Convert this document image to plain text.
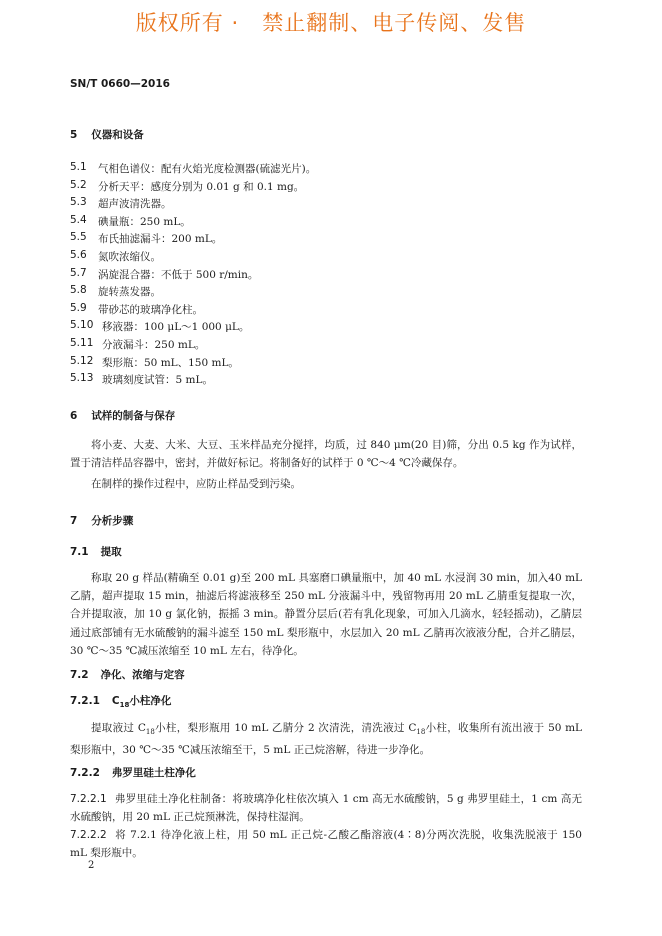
版权所有 ·   禁止翻制、电子传阅、发售
SN/T 0660—2016
5 仪器和设备
5.1 气相色谱仪：配有火焰光度检测器(硫滤光片)。
5.2 分析天平：感度分别为 0.01 g 和 0.1 mg。
5.3 超声波清洗器。
5.4 碘量瓶：250 mL。
5.5 布氏抽滤漏斗：200 mL。
5.6 氮吹浓缩仪。
5.7 涡旋混合器：不低于 500 r/min。
5.8 旋转蒸发器。
5.9 带砂芯的玻璃净化柱。
5.10 移液器：100 μL～1 000 μL。
5.11 分液漏斗：250 mL。
5.12 梨形瓶：50 mL、150 mL。
5.13 玻璃刻度试管：5 mL。
6 试样的制备与保存
将小麦、大麦、大米、大豆、玉米样品充分搅拌，均质，过 840 μm(20 目)筛，分出 0.5 kg 作为试样，置于清洁样品容器中，密封，并做好标记。将制备好的试样于 0 ℃～4 ℃冷藏保存。
在制样的操作过程中，应防止样品受到污染。
7 分析步骤
7.1 提取
称取 20 g 样品(精确至 0.01 g)至 200 mL 具塞磨口碘量瓶中，加 40 mL 水浸润 30 min，加入40 mL 乙腈，超声提取 15 min，抽滤后将滤液移至 250 mL 分液漏斗中，残留物再用 20 mL 乙腈重复提取一次，合并提取液，加 10 g 氯化钠，振摇 3 min。静置分层后(若有乳化现象，可加入几滴水，轻轻摇动)，乙腈层通过底部铺有无水硫酸钠的漏斗滤至 150 mL 梨形瓶中，水层加入 20 mL 乙腈再次液液分配，合并乙腈层，30 ℃～35 ℃减压浓缩至 10 mL 左右，待净化。
7.2 净化、浓缩与定容
7.2.1 $C_{18}$小柱净化
提取液过 $C_{18}$小柱，梨形瓶用 10 mL 乙腈分 2 次清洗，清洗液过 $C_{18}$小柱，收集所有流出液于 50 mL 梨形瓶中，30 ℃～35 ℃减压浓缩至干，5 mL 正己烷溶解，待进一步净化。
7.2.2 弗罗里硅土柱净化
7.2.2.1 弗罗里硅土净化柱制备：将玻璃净化柱依次填入 1 cm 高无水硫酸钠，5 g 弗罗里硅土，1 cm 高无水硫酸钠，用 20 mL 正己烷预淋洗，保持柱湿润。
7.2.2.2 将 7.2.1 待净化液上柱，用 50 mL 正己烷-乙酸乙酯溶液(4∶8)分两次洗脱，收集洗脱液于 150 mL 梨形瓶中。
2
